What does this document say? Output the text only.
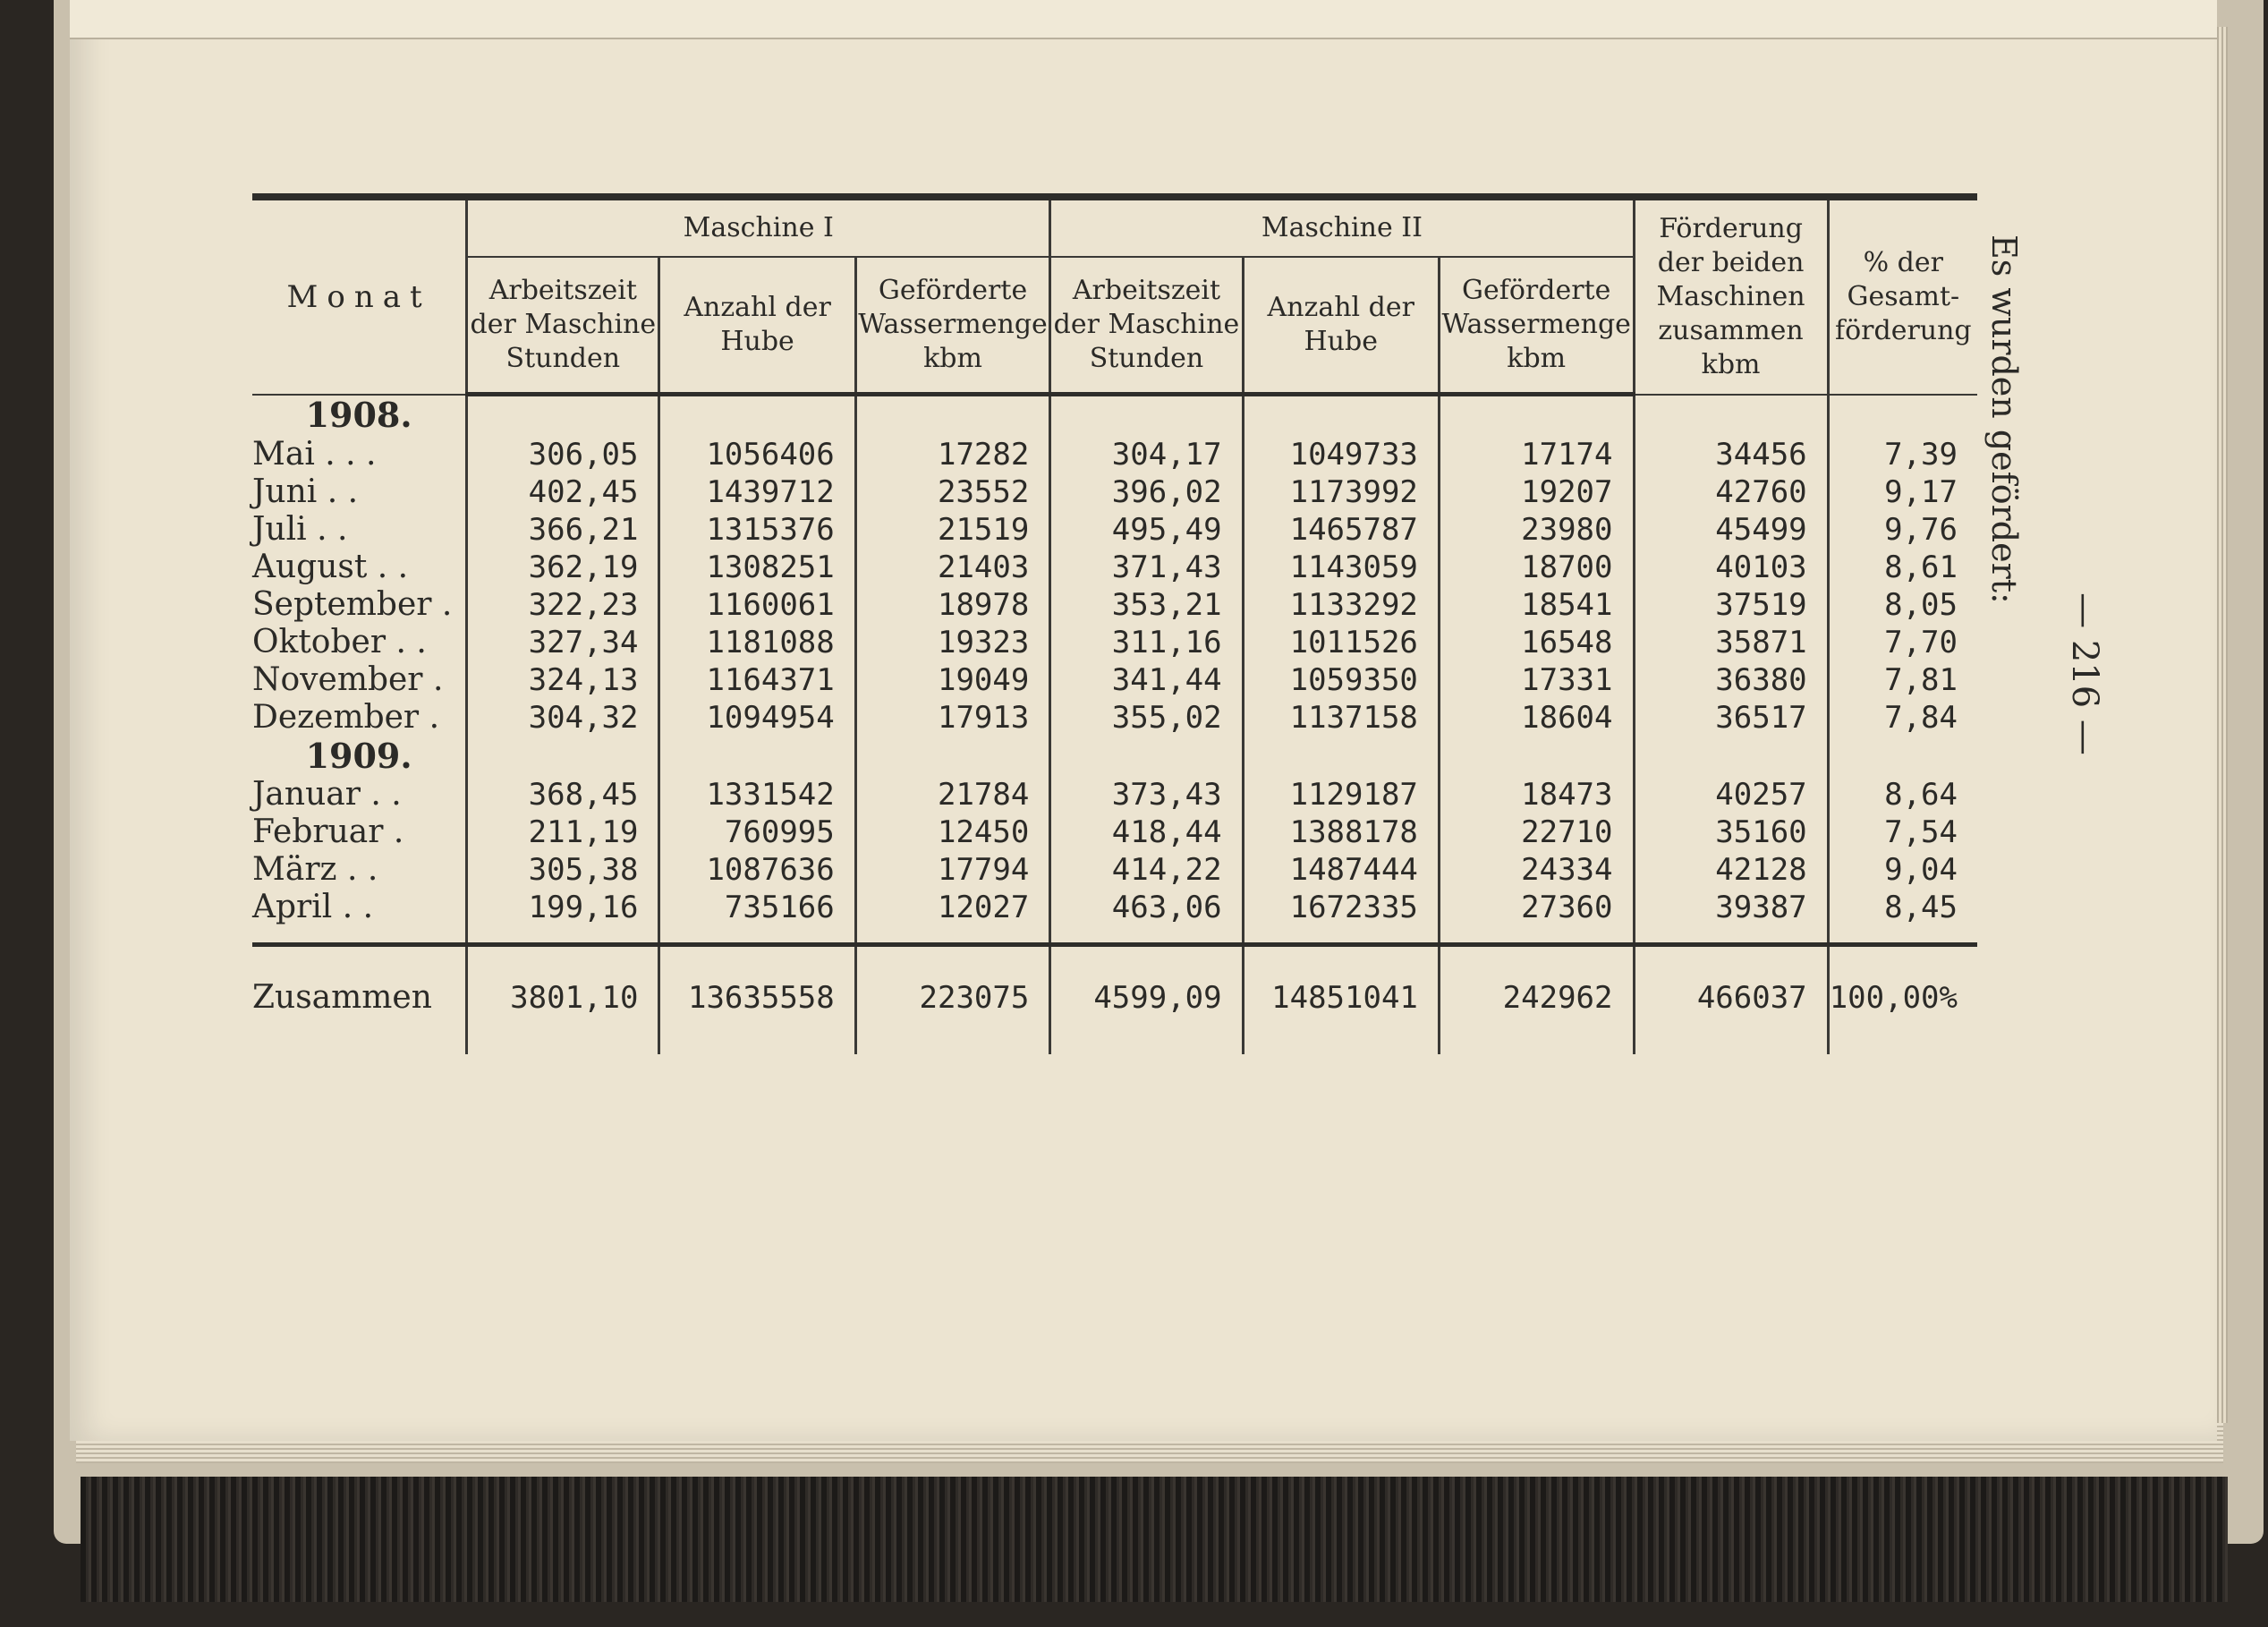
Monat	Maschine I			Maschine II			Förderung der beiden Maschinen zusammen kbm	% der Gesamt-förderung
	Arbeitszeit der Maschine Stunden	Anzahl der Hube	Geförderte Wassermenge kbm	Arbeitszeit der Maschine Stunden	Anzahl der Hube	Geförderte Wassermenge kbm		
1908.								
Mai . . .	306,05	1056406	17282	304,17	1049733	17174	34456	7,39
Juni . .	402,45	1439712	23552	396,02	1173992	19207	42760	9,17
Juli . .	366,21	1315376	21519	495,49	1465787	23980	45499	9,76
August . .	362,19	1308251	21403	371,43	1143059	18700	40103	8,61
September .	322,23	1160061	18978	353,21	1133292	18541	37519	8,05
Oktober . .	327,34	1181088	19323	311,16	1011526	16548	35871	7,70
November .	324,13	1164371	19049	341,44	1059350	17331	36380	7,81
Dezember .	304,32	1094954	17913	355,02	1137158	18604	36517	7,84
1909.								
Januar . .	368,45	1331542	21784	373,43	1129187	18473	40257	8,64
Februar .	211,19	760995	12450	418,44	1388178	22710	35160	7,54
März . .	305,38	1087636	17794	414,22	1487444	24334	42128	9,04
April . .	199,16	735166	12027	463,06	1672335	27360	39387	8,45

Zusammen	3801,10	13635558	223075	4599,09	14851041	242962	466037	100,00%
Es wurden gefördert:
— 216 —
